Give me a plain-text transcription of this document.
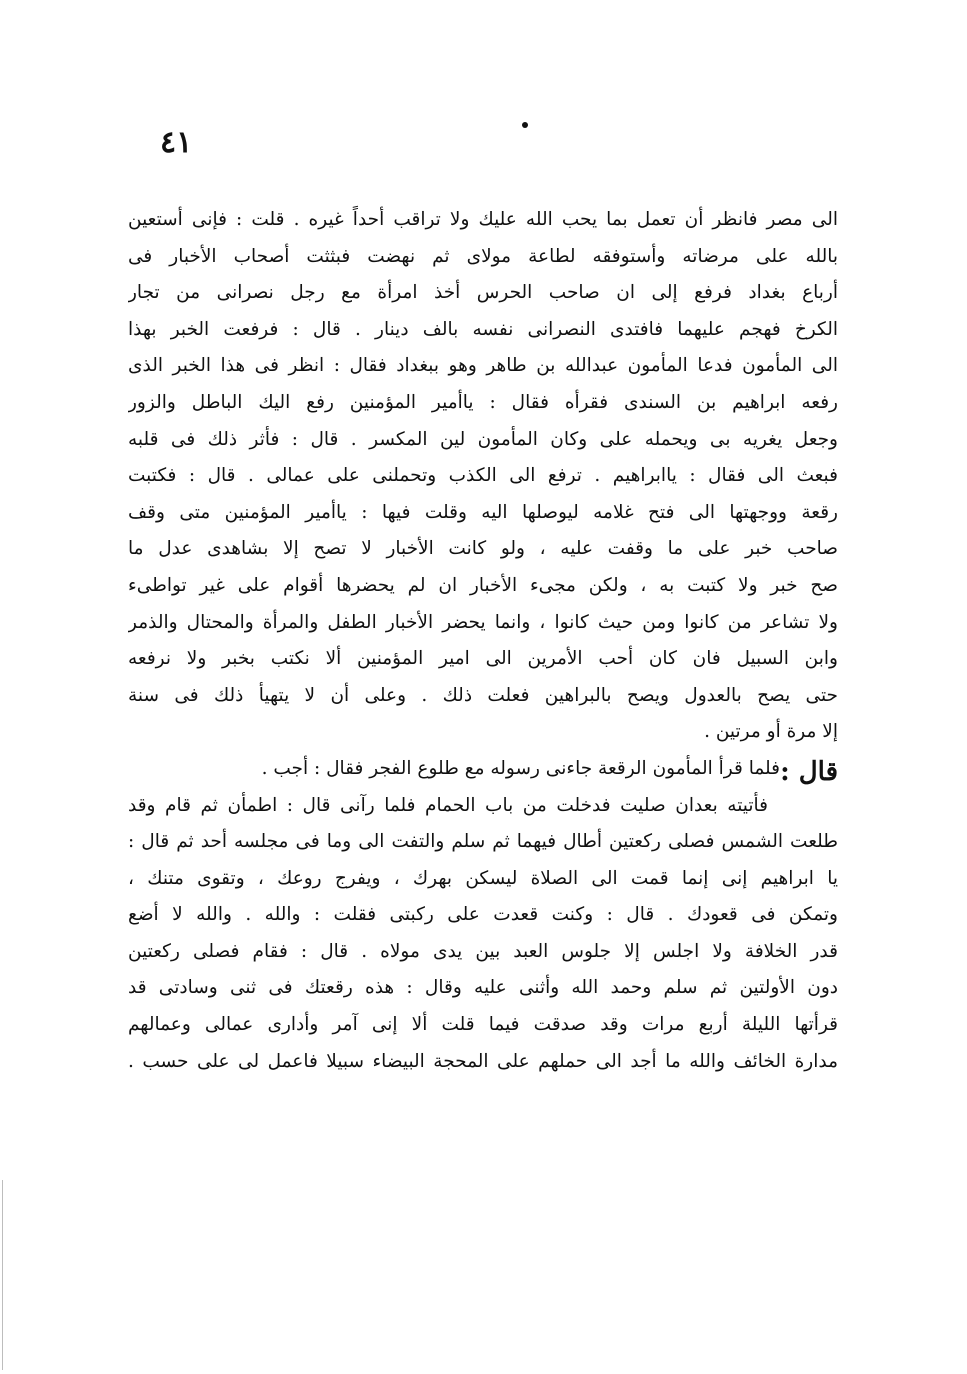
٤١
الى مصر فانظر أن تعمل بما يحب الله عليك ولا تراقب أحداً غيره . قلت : فإنى أستعين
بالله على مرضاته وأستوفقه لطاعة مولاى ثم نهضت فبثثت أصحاب الأخبار فى
أرباع بغداد فرفع إلى ان صاحب الحرس أخذ امرأة مع رجل نصرانى من تجار
الكرخ فهجم عليهما فافتدى النصرانى نفسه بالف دينار . قال : فرفعت الخبر بهذا
الى المأمون فدعا المأمون عبدالله بن طاهر وهو ببغداد فقال : انظر فى هذا الخبر الذى
رفعه ابراهيم بن السندى فقرأه فقال : ياأمير المؤمنين رفع اليك الباطل والزور
وجعل يغريه بى ويحمله على وكان المأمون لين المكسر . قال : فأثر ذلك فى قلبه
فبعث الى فقال : ياابراهيم . ترفع الى الكذب وتحملنى على عمالى . قال : فكتبت
رقعة ووجهتها الى فتح غلامه ليوصلها اليه وقلت فيها : ياأمير المؤمنين متى وقف
صاحب خبر على ما وقفت عليه ، ولو كانت الأخبار لا تصح إلا بشاهدى عدل ما
صح خبر ولا كتبت به ، ولكن مجىء الأخبار ان لم يحضرها أقوام على غير تواطىء
ولا تشاعر من كانوا ومن حيث كانوا ، وانما يحضر الأخبار الطفل والمرأة والمحتال والذمر
وابن السبيل فان كان أحب الأمرين الى امير المؤمنين ألا نكتب بخبر ولا نرفعه
حتى يصح بالعدول ويصح بالبراهين فعلت ذلك . وعلى أن لا يتهيأ ذلك فى سنة
إلا مرة أو مرتين .
قال :
فلما قرأ المأمون الرقعة جاءنى رسوله مع طلوع الفجر فقال : أجب .
فأتيته بعدان صليت فدخلت من باب الحمام فلما رآنى قال : اطمأن ثم قام وقد
طلعت الشمس فصلى ركعتين أطال فيهما ثم سلم والتفت الى وما فى مجلسه أحد ثم قال :
يا ابراهيم إنى إنما قمت الى الصلاة ليسكن بهرك ، ويفرج روعك ، وتقوى متنك ،
وتمكن فى قعودك . قال : وكنت قعدت على ركبتى فقلت : والله . والله لا أضع
قدر الخلافة ولا اجلس إلا جلوس العبد بين يدى مولاه . قال : فقام فصلى ركعتين
دون الأولتين ثم سلم وحمد الله وأثنى عليه وقال : هذه رقعتك فى ثنى وسادتى قد
قرأتها الليلة أربع مرات وقد صدقت فيما قلت ألا إنى آمر وأدارى عمالى وعمالهم
مدارة الخائف والله ما أجد الى حملهم على المحجة البيضاء سبيلا فاعمل لى على حسب .
